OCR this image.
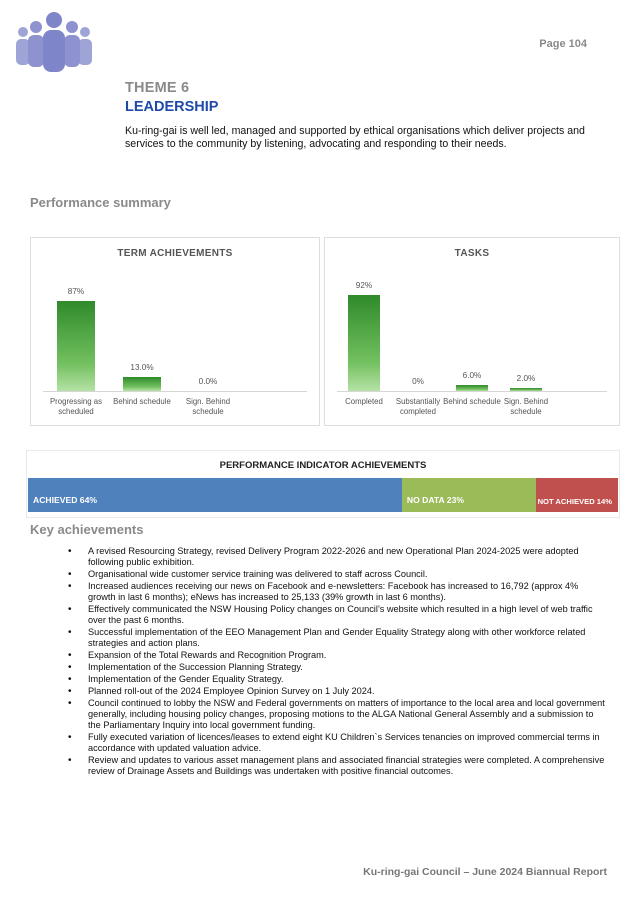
Page 104
THEME 6
LEADERSHIP
Ku-ring-gai is well led, managed and supported by ethical organisations which deliver projects and services to the community by listening, advocating and responding to their needs.
Performance summary
TERM ACHIEVEMENTS
87%
Progressing as scheduled
13.0%
Behind schedule
0.0%
Sign. Behind schedule
TASKS
92%
Completed
0%
Substantially completed
6.0%
Behind schedule
2.0%
Sign. Behind schedule
PERFORMANCE INDICATOR ACHIEVEMENTS
ACHIEVED 64%	NO DATA 23%	NOT ACHIEVED 14%
Key achievements
• A revised Resourcing Strategy, revised Delivery Program 2022-2026 and new Operational Plan 2024-2025 were adopted following public exhibition.
• Organisational wide customer service training was delivered to staff across Council.
• Increased audiences receiving our news on Facebook and e-newsletters: Facebook has increased to 16,792 (approx 4% growth in last 6 months); eNews has increased to 25,133 (39% growth in last 6 months).
• Effectively communicated the NSW Housing Policy changes on Council’s website which resulted in a high level of web traffic over the past 6 months.
• Successful implementation of the EEO Management Plan and Gender Equality Strategy along with other workforce related strategies and action plans.
• Expansion of the Total Rewards and Recognition Program.
• Implementation of the Succession Planning Strategy.
• Implementation of the Gender Equality Strategy.
• Planned roll-out of the 2024 Employee Opinion Survey on 1 July 2024.
• Council continued to lobby the NSW and Federal governments on matters of importance to the local area and local government generally, including housing policy changes, proposing motions to the ALGA National General Assembly and a submission to the Parliamentary Inquiry into local government funding.
• Fully executed variation of licences/leases to extend eight KU Children`s Services tenancies on improved commercial terms in accordance with updated valuation advice.
• Review and updates to various asset management plans and associated financial strategies were completed. A comprehensive review of Drainage Assets and Buildings was undertaken with positive financial outcomes.
Ku-ring-gai Council – June 2024 Biannual Report
